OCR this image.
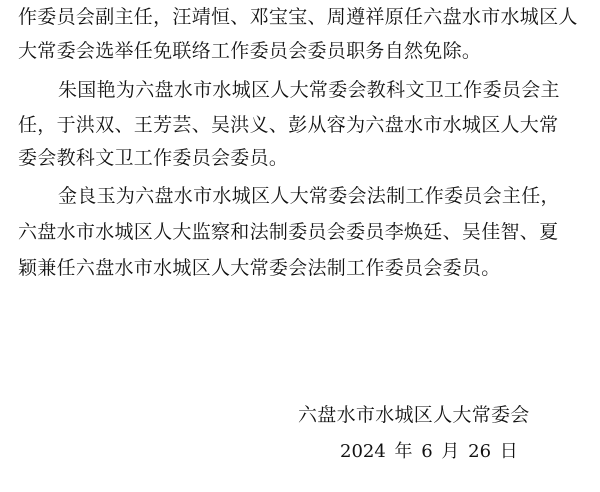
作委员会副主任，汪靖恒、邓宝宝、周遵祥原任六盘水市水城区人
大常委会选举任免联络工作委员会委员职务自然免除。
朱国艳为六盘水市水城区人大常委会教科文卫工作委员会主
任，于洪双、王芳芸、吴洪义、彭从容为六盘水市水城区人大常
委会教科文卫工作委员会委员。
金良玉为六盘水市水城区人大常委会法制工作委员会主任，
六盘水市水城区人大监察和法制委员会委员李焕廷、吴佳智、夏
颖兼任六盘水市水城区人大常委会法制工作委员会委员。
六盘水市水城区人大常委会
2024 年 6 月 26 日
